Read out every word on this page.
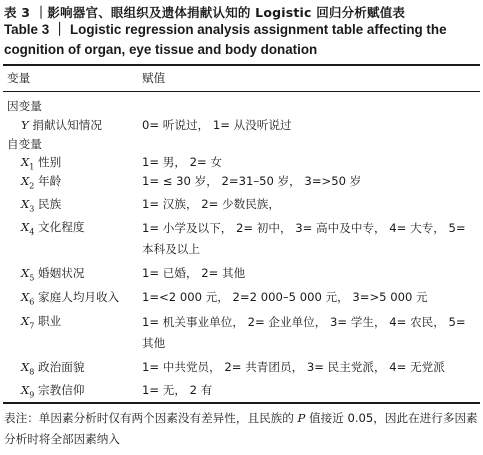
表 3 ｜影响器官、眼组织及遗体捐献认知的 Logistic 回归分析赋值表
Table 3 ｜ Logistic regression analysis assignment table affecting the cognition of organ, eye tissue and body donation
变量	赋值
因变量
Y 捐献认知情况	0= 听说过， 1= 从没听说过
自变量
$X_1$ 性别	1= 男， 2= 女
$X_2$ 年龄	1= ≤ 30 岁， 2=31–50 岁， 3=>50 岁
$X_3$ 民族	1= 汉族， 2= 少数民族，
$X_4$ 文化程度	1= 小学及以下， 2= 初中， 3= 高中及中专， 4= 大专， 5= 本科及以上
$X_5$ 婚姻状况	1= 已婚， 2= 其他
$X_6$ 家庭人均月收入 1=<2 000 元， 2=2 000–5 000 元， 3=>5 000 元
$X_7$ 职业	1= 机关事业单位， 2= 企业单位， 3= 学生， 4= 农民， 5= 其他
$X_8$ 政治面貌	1= 中共党员， 2= 共青团员， 3= 民主党派， 4= 无党派
$X_9$ 宗教信仰	1= 无， 2 有
表注：单因素分析时仅有两个因素没有差异性，且民族的 P 值接近 0.05，因此在进行多因素分析时将全部因素纳入
